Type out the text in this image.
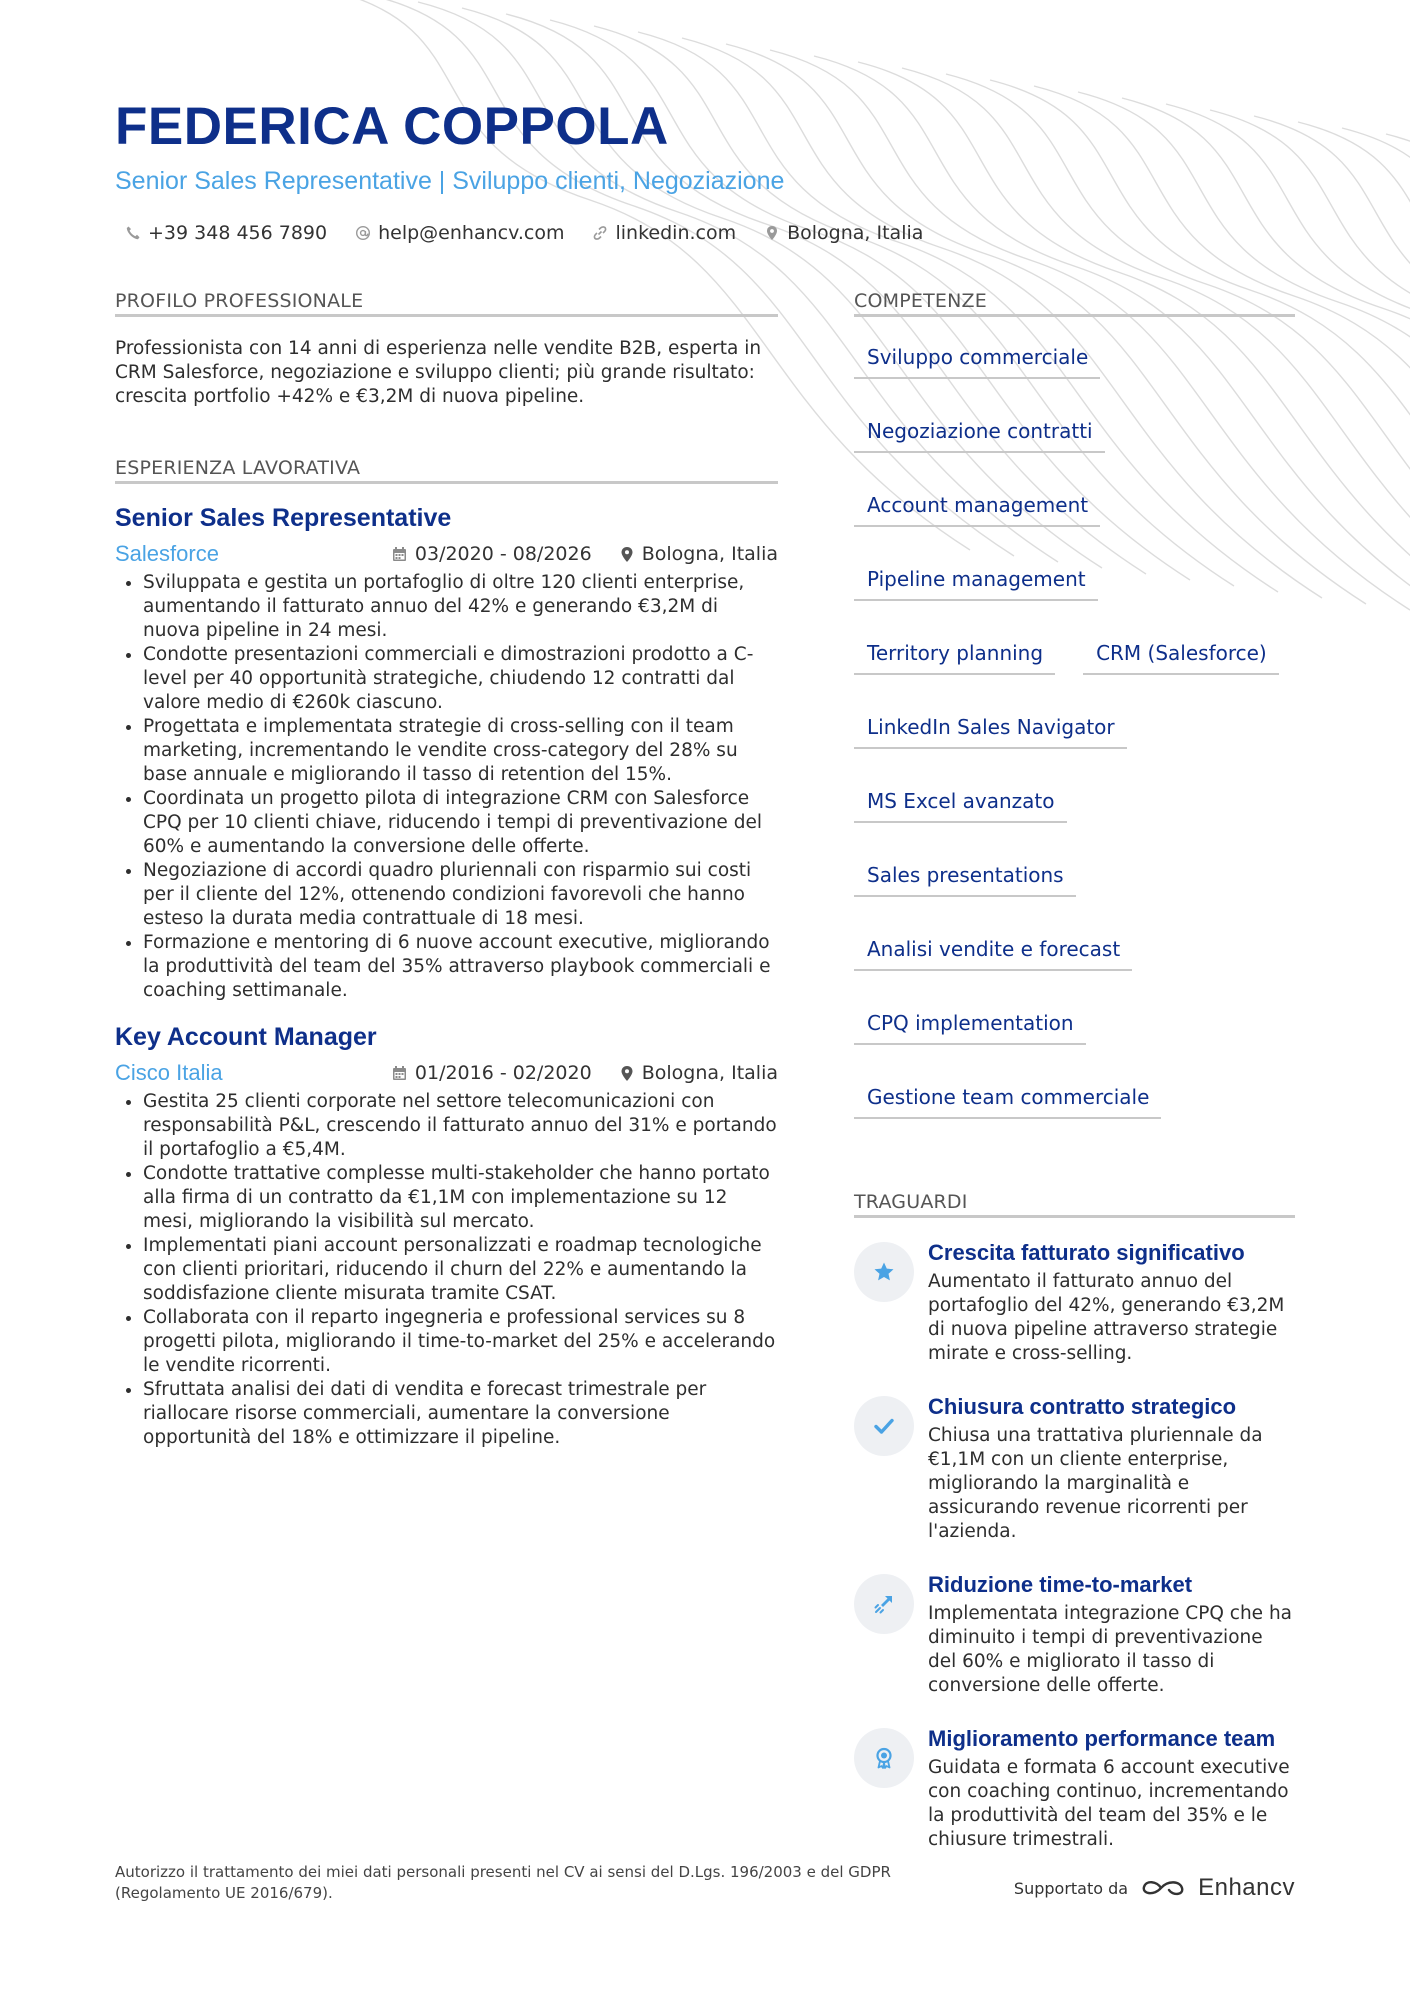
FEDERICA COPPOLA
Senior Sales Representative | Sviluppo clienti, Negoziazione
+39 348 456 7890	help@enhancv.com	linkedin.com	Bologna, Italia
PROFILO PROFESSIONALE
Professionista con 14 anni di esperienza nelle vendite B2B, esperta in CRM Salesforce, negoziazione e sviluppo clienti; più grande risultato: crescita portfolio +42% e €3,2M di nuova pipeline.
ESPERIENZA LAVORATIVA
Senior Sales Representative
Salesforce	03/2020 - 08/2026	Bologna, Italia
• Sviluppata e gestita un portafoglio di oltre 120 clienti enterprise, aumentando il fatturato annuo del 42% e generando €3,2M di nuova pipeline in 24 mesi.
• Condotte presentazioni commerciali e dimostrazioni prodotto a C-level per 40 opportunità strategiche, chiudendo 12 contratti dal valore medio di €260k ciascuno.
• Progettata e implementata strategie di cross-selling con il team marketing, incrementando le vendite cross-category del 28% su base annuale e migliorando il tasso di retention del 15%.
• Coordinata un progetto pilota di integrazione CRM con Salesforce CPQ per 10 clienti chiave, riducendo i tempi di preventivazione del 60% e aumentando la conversione delle offerte.
• Negoziazione di accordi quadro pluriennali con risparmio sui costi per il cliente del 12%, ottenendo condizioni favorevoli che hanno esteso la durata media contrattuale di 18 mesi.
• Formazione e mentoring di 6 nuove account executive, migliorando la produttività del team del 35% attraverso playbook commerciali e coaching settimanale.
Key Account Manager
Cisco Italia	01/2016 - 02/2020	Bologna, Italia
• Gestita 25 clienti corporate nel settore telecomunicazioni con responsabilità P&L, crescendo il fatturato annuo del 31% e portando il portafoglio a €5,4M.
• Condotte trattative complesse multi-stakeholder che hanno portato alla firma di un contratto da €1,1M con implementazione su 12 mesi, migliorando la visibilità sul mercato.
• Implementati piani account personalizzati e roadmap tecnologiche con clienti prioritari, riducendo il churn del 22% e aumentando la soddisfazione cliente misurata tramite CSAT.
• Collaborata con il reparto ingegneria e professional services su 8 progetti pilota, migliorando il time-to-market del 25% e accelerando le vendite ricorrenti.
• Sfruttata analisi dei dati di vendita e forecast trimestrale per riallocare risorse commerciali, aumentare la conversione opportunità del 18% e ottimizzare il pipeline.
COMPETENZE
Sviluppo commerciale
Negoziazione contratti
Account management
Pipeline management
Territory planning	CRM (Salesforce)
LinkedIn Sales Navigator
MS Excel avanzato
Sales presentations
Analisi vendite e forecast
CPQ implementation
Gestione team commerciale
TRAGUARDI
Crescita fatturato significativo
Aumentato il fatturato annuo del portafoglio del 42%, generando €3,2M di nuova pipeline attraverso strategie mirate e cross-selling.
Chiusura contratto strategico
Chiusa una trattativa pluriennale da €1,1M con un cliente enterprise, migliorando la marginalità e assicurando revenue ricorrenti per l'azienda.
Riduzione time-to-market
Implementata integrazione CPQ che ha diminuito i tempi di preventivazione del 60% e migliorato il tasso di conversione delle offerte.
Miglioramento performance team
Guidata e formata 6 account executive con coaching continuo, incrementando la produttività del team del 35% e le chiusure trimestrali.
Autorizzo il trattamento dei miei dati personali presenti nel CV ai sensi del D.Lgs. 196/2003 e del GDPR (Regolamento UE 2016/679).	Supportato da	Enhancv
